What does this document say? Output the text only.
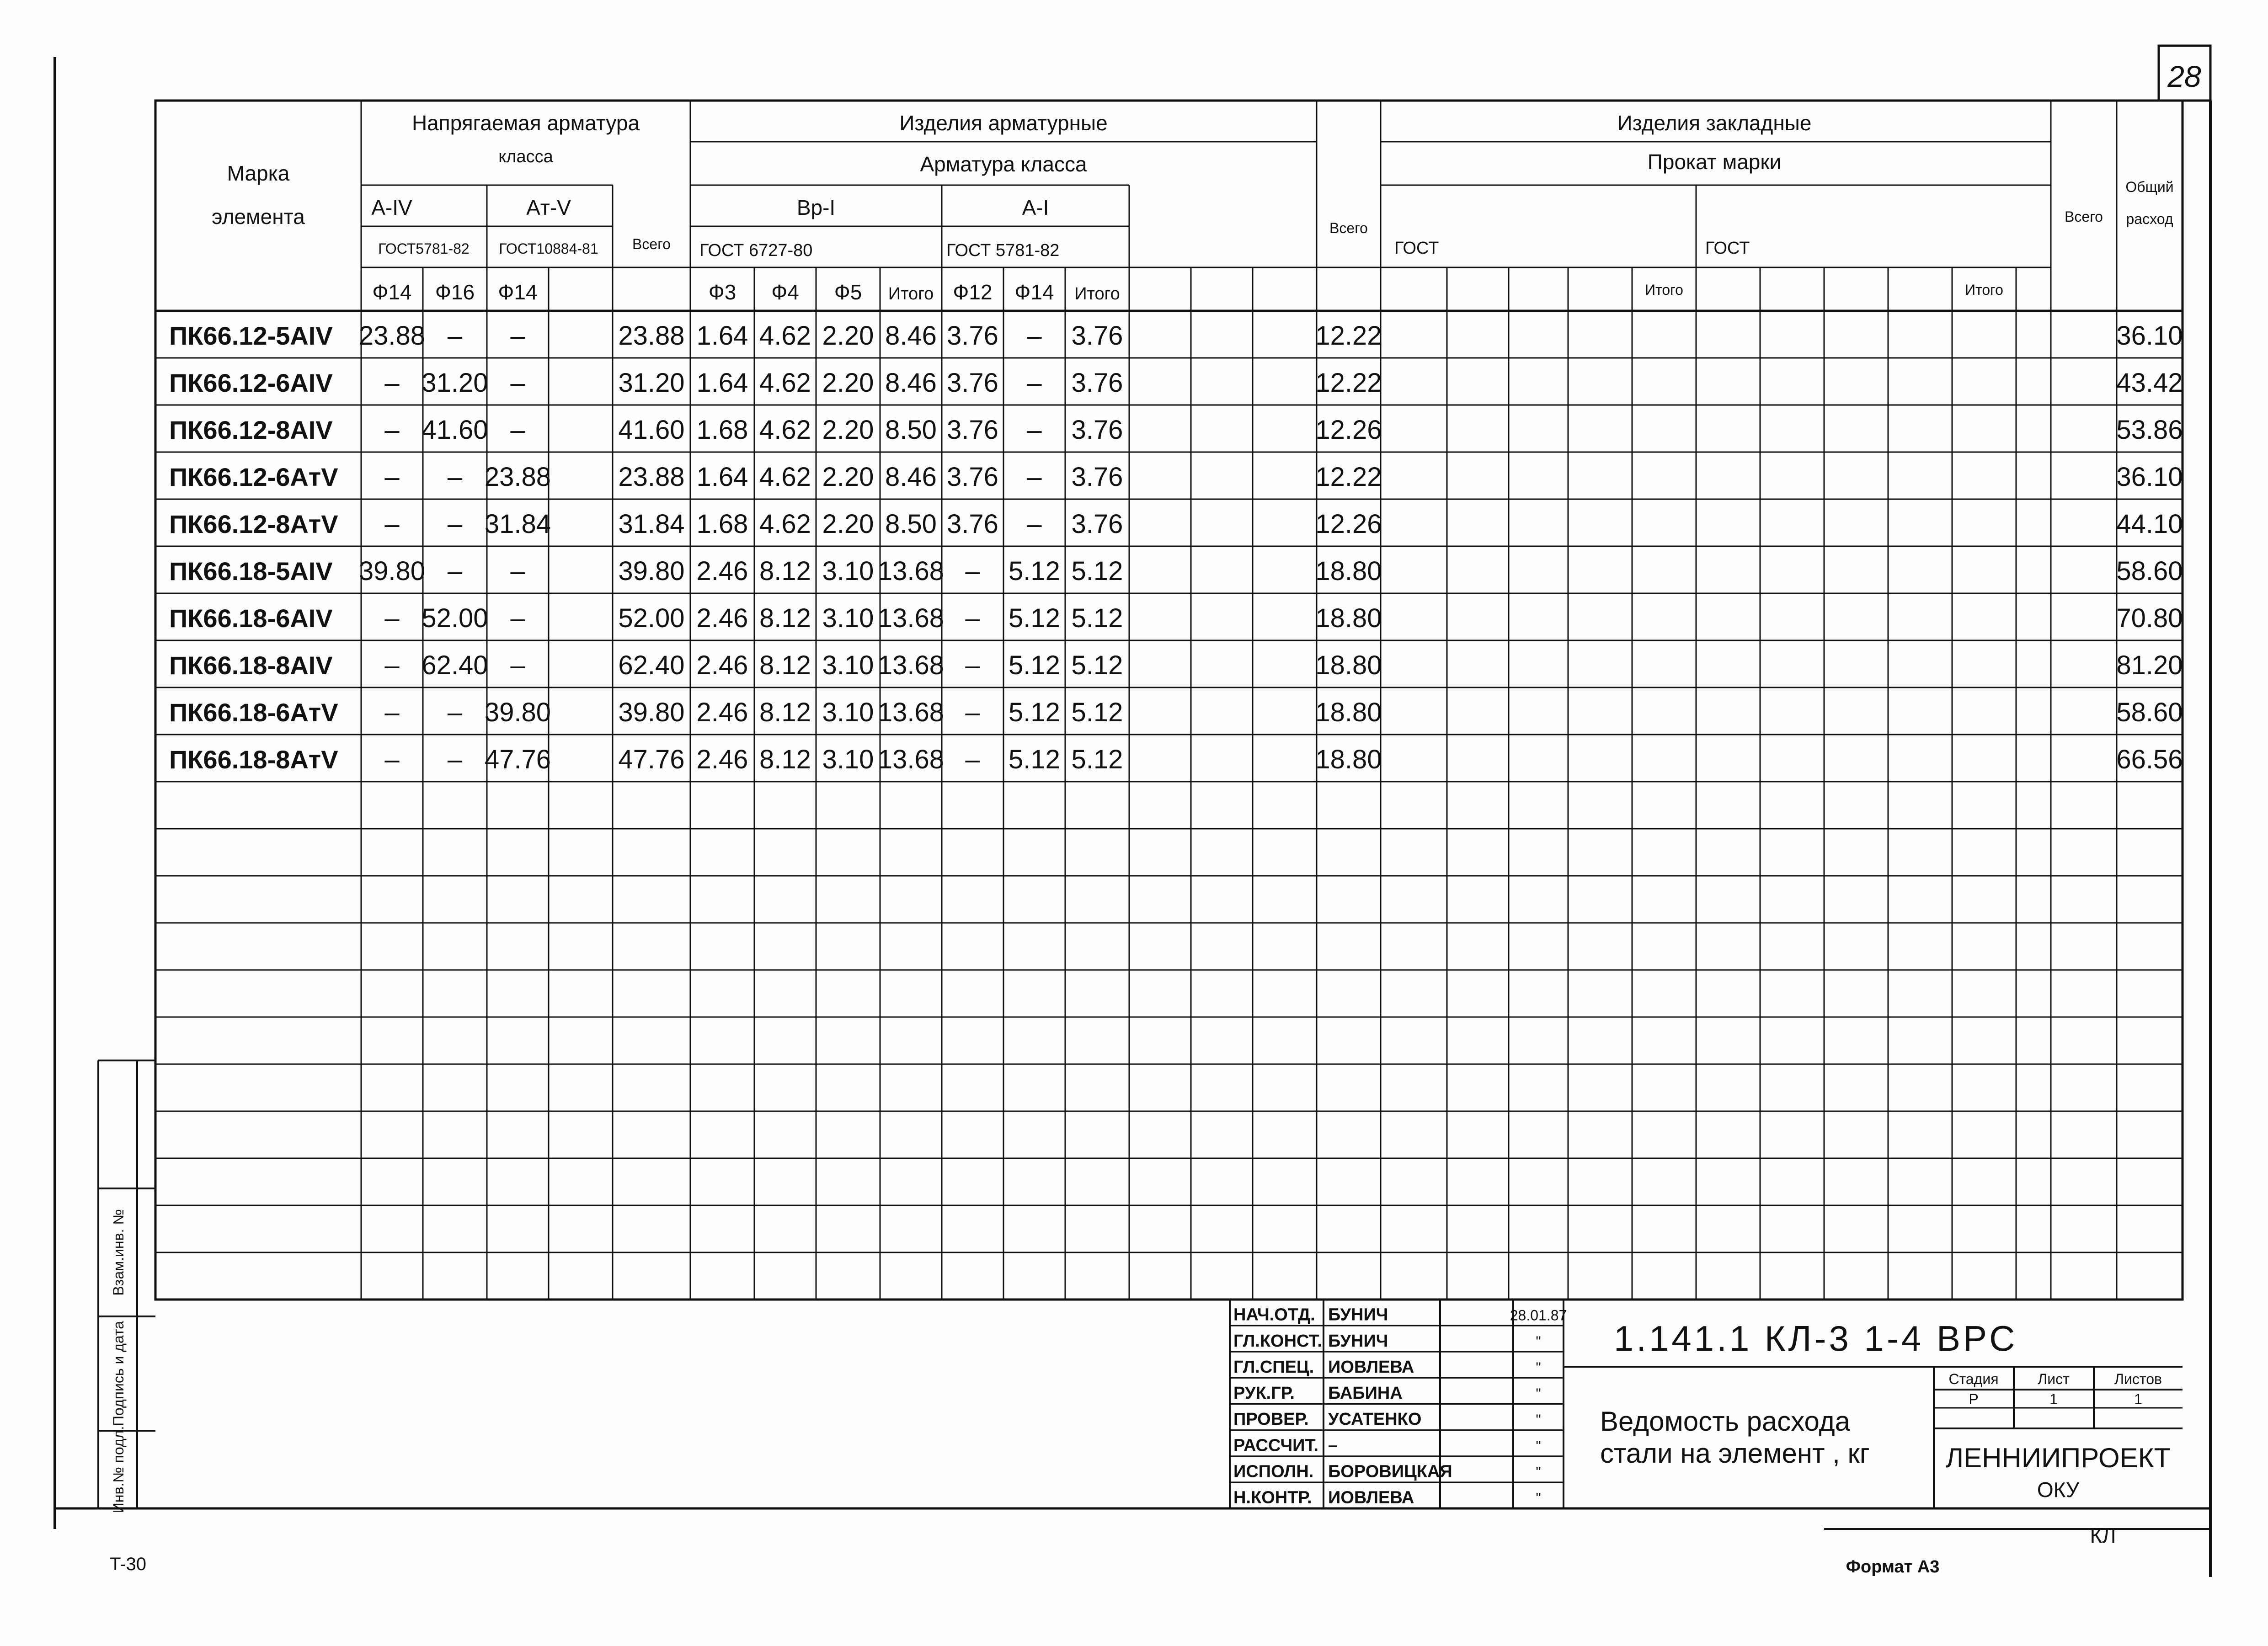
Марка
элемента
Напрягаемая арматура
класса
A-IV	Aт-V
ГОСТ5781-82 ГОСТ10884-81 Всего
Изделия арматурные
Арматура класса
Вр-I	A-I
ГОСТ 6727-80	ГОСТ 5781-82
Всего
Изделия закладные
Прокат марки
ГОСТ	ГОСТ
Итого	Итого
Всего
Общий
расход
Ф14 Ф16 Ф14	Ф3 Ф4 Ф5 Итого Ф12 Ф14 Итого
ПК66.12-5AIV 23.88 – –	23.88 1.64 4.62 2.20 8.46 3.76 – 3.76	12.22	36.10
ПК66.12-6AIV – 31.20 –	31.20 1.64 4.62 2.20 8.46 3.76 – 3.76	12.22	43.42
ПК66.12-8AIV – 41.60 –	41.60 1.68 4.62 2.20 8.50 3.76 – 3.76	12.26	53.86
ПК66.12-6AтV – – 23.88	23.88 1.64 4.62 2.20 8.46 3.76 – 3.76	12.22	36.10
ПК66.12-8AтV – – 31.84	31.84 1.68 4.62 2.20 8.50 3.76 – 3.76	12.26	44.10
ПК66.18-5AIV 39.80 – –	39.80 2.46 8.12 3.10 13.68 – 5.12 5.12	18.80	58.60
ПК66.18-6AIV – 52.00 –	52.00 2.46 8.12 3.10 13.68 – 5.12 5.12	18.80	70.80
ПК66.18-8AIV – 62.40 –	62.40 2.46 8.12 3.10 13.68 – 5.12 5.12	18.80	81.20
ПК66.18-6AтV – – 39.80	39.80 2.46 8.12 3.10 13.68 – 5.12 5.12	18.80	58.60
ПК66.18-8AтV – – 47.76	47.76 2.46 8.12 3.10 13.68 – 5.12 5.12	18.80	66.56
НАЧ.ОТД. БУНИЧ	28.01.87
ГЛ.КОНСТ. БУНИЧ	"
ГЛ.СПЕЦ. ИОВЛЕВА	"
РУК.ГР. БАБИНА	"
ПРОВЕР. УСАТЕНКО	"
РАССЧИТ. –	"
ИСПОЛН. БОРОВИЦКАЯ	"
Н.КОНТР. ИОВЛЕВА	"
1.141.1 КЛ-3 1-4 ВРС
Ведомость расхода
стали на элемент , кг
Стадия	Лист	Листов
Р	1	1
ЛЕННИИПРОЕКТ
ОКУ
КЛ
Инв.№ подл.
Подпись и дата
Взам.инв. №
28
Формат А3
T-30
